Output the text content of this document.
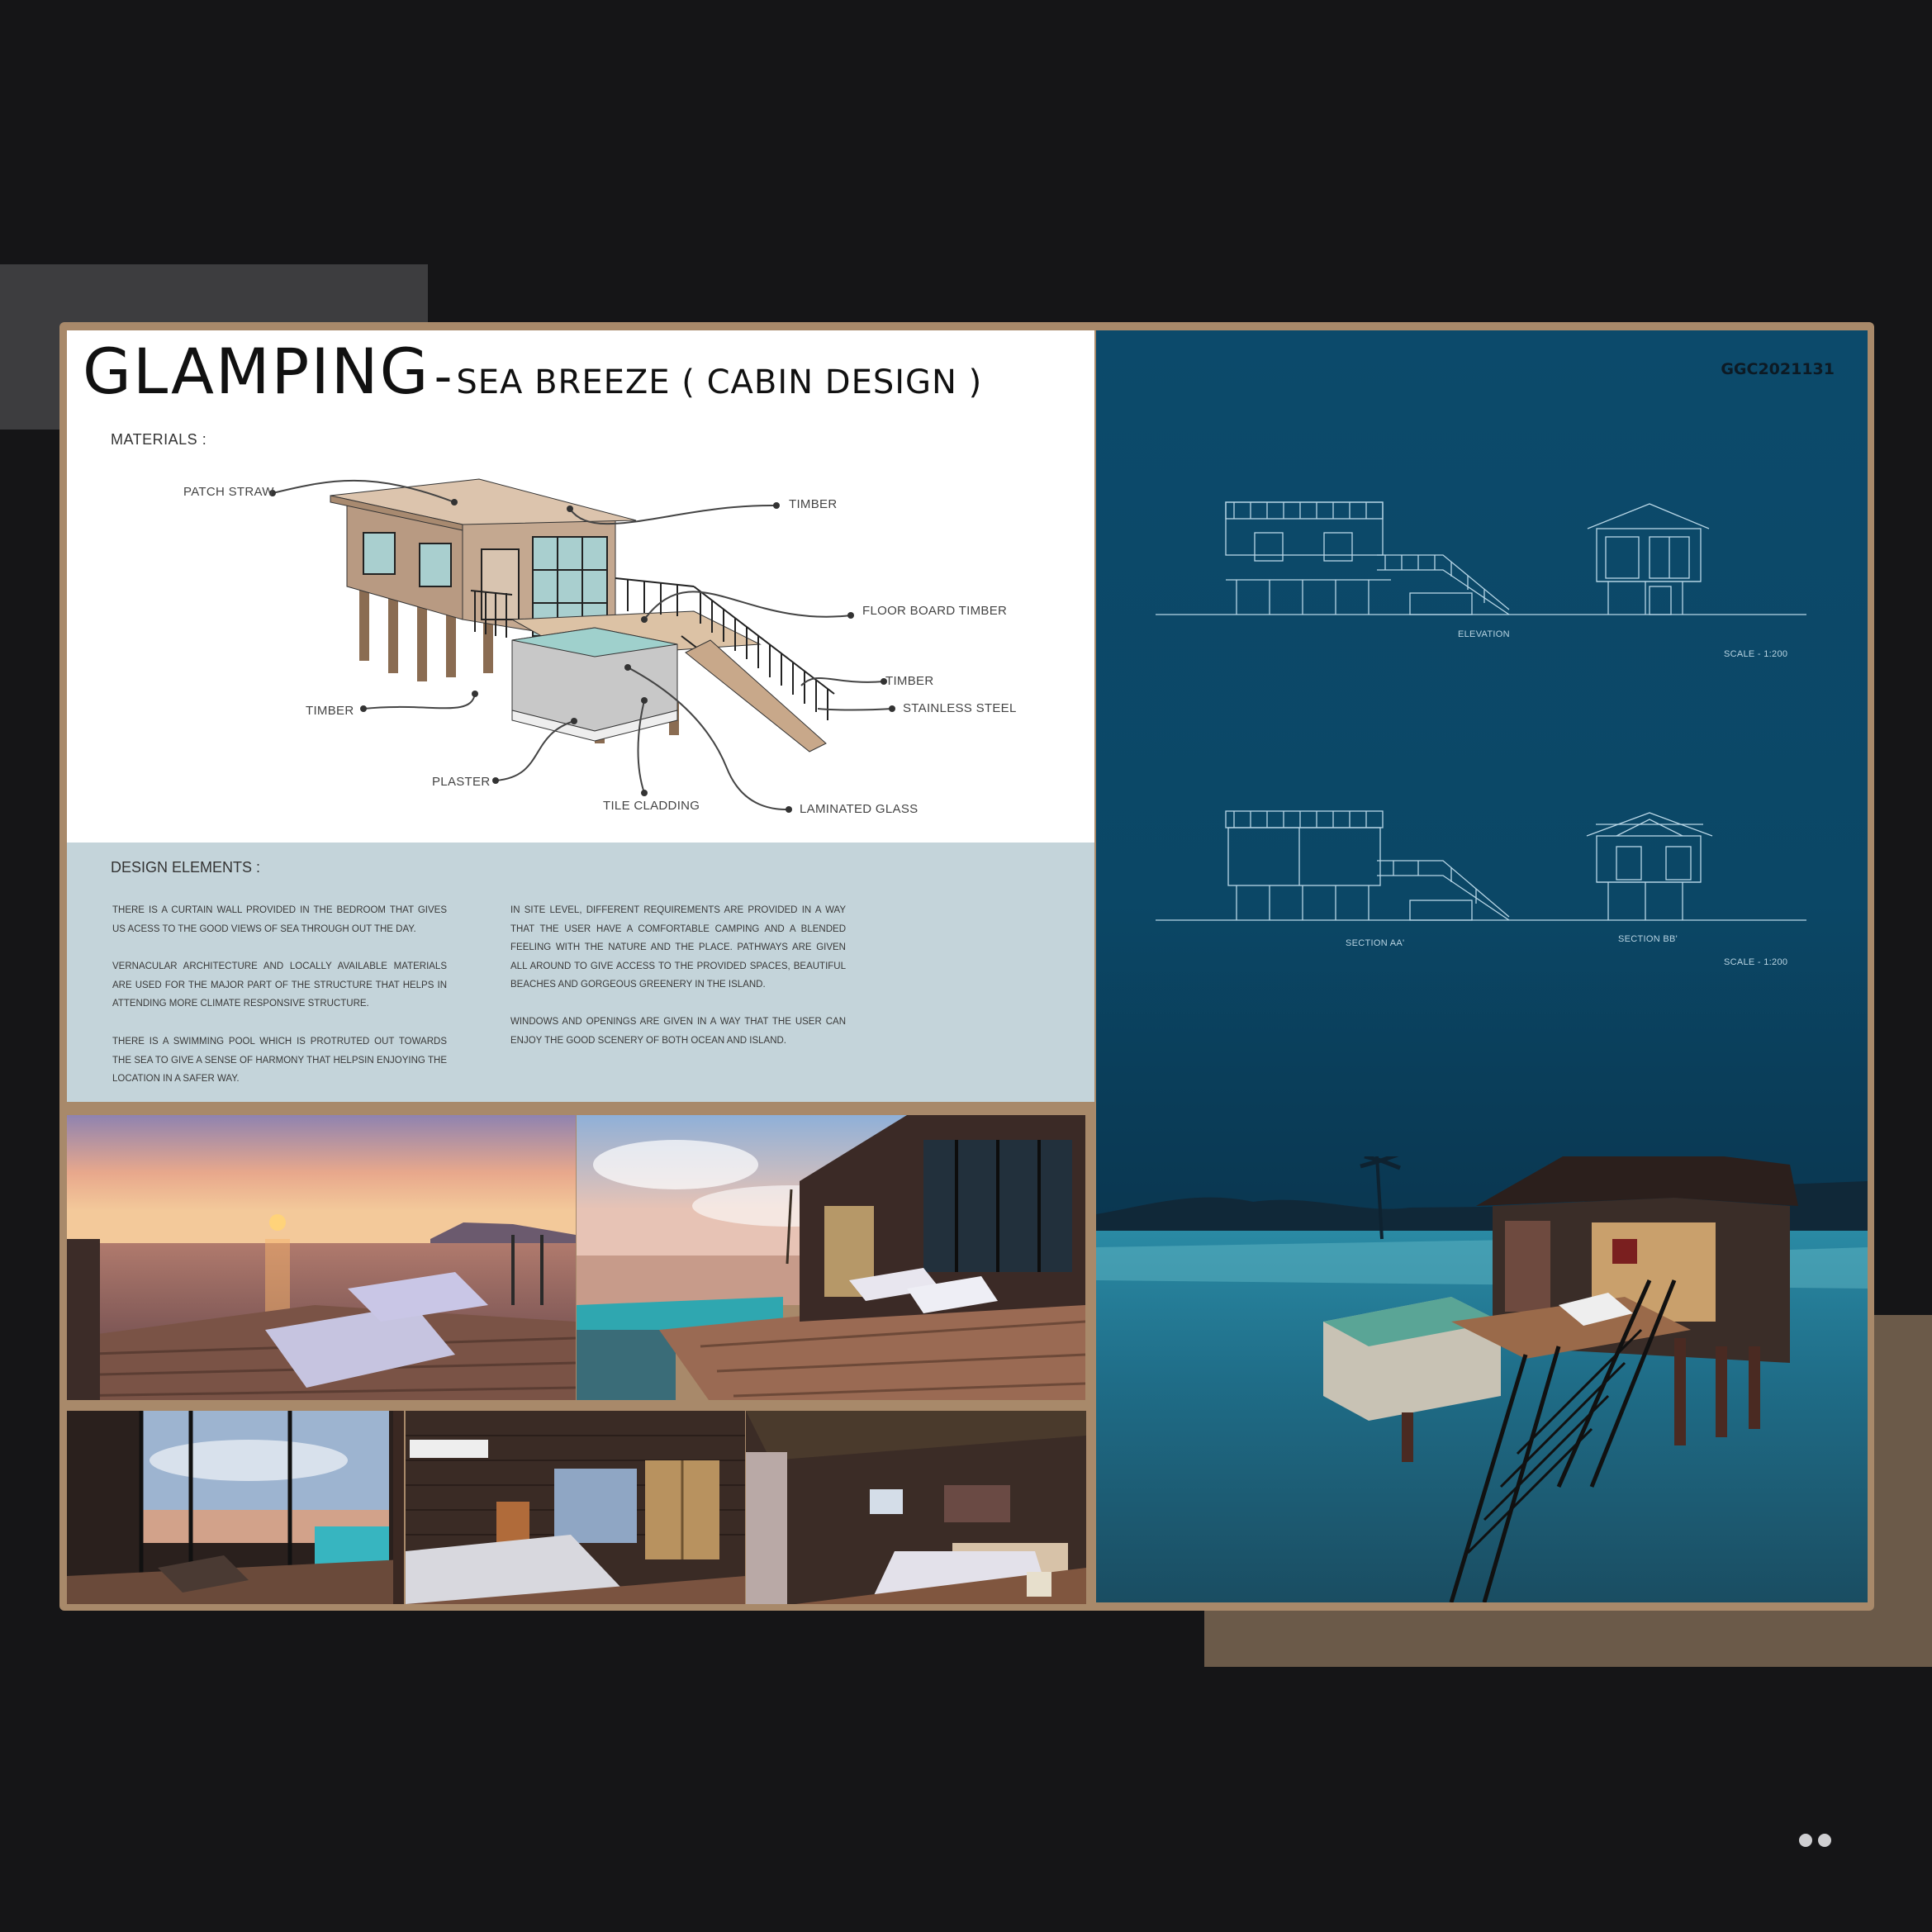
GLAMPING - SEA BREEZE ( CABIN DESIGN )
MATERIALS :
PATCH STRAW
TIMBER
FLOOR BOARD TIMBER
TIMBER
STAINLESS STEEL
TIMBER
PLASTER
TILE CLADDING	LAMINATED GLASS
DESIGN ELEMENTS :
THERE IS A CURTAIN WALL PROVIDED IN THE BEDROOM THAT GIVES US ACESS TO THE GOOD VIEWS OF SEA THROUGH OUT THE DAY.
VERNACULAR ARCHITECTURE AND LOCALLY AVAILABLE MATERIALS ARE USED FOR THE MAJOR PART OF THE STRUCTURE THAT HELPS IN ATTENDING MORE CLIMATE RESPONSIVE STRUCTURE.
THERE IS A SWIMMING POOL WHICH IS PROTRUTED OUT TOWARDS THE SEA TO GIVE A SENSE OF HARMONY THAT HELPSIN ENJOYING THE LOCATION IN A SAFER WAY.
IN SITE LEVEL, DIFFERENT REQUIREMENTS ARE PROVIDED IN A WAY THAT THE USER HAVE A COMFORTABLE CAMPING AND A BLENDED FEELING WITH THE NATURE AND THE PLACE. PATHWAYS ARE GIVEN ALL AROUND TO GIVE ACCESS TO THE PROVIDED SPACES, BEAUTIFUL BEACHES AND GORGEOUS GREENERY IN THE ISLAND.
WINDOWS AND OPENINGS ARE GIVEN IN A WAY THAT THE USER CAN ENJOY THE GOOD SCENERY OF BOTH OCEAN AND ISLAND.
GGC2021131
ELEVATION
SCALE - 1:200
SECTION AA'	SECTION BB'
SCALE - 1:200
